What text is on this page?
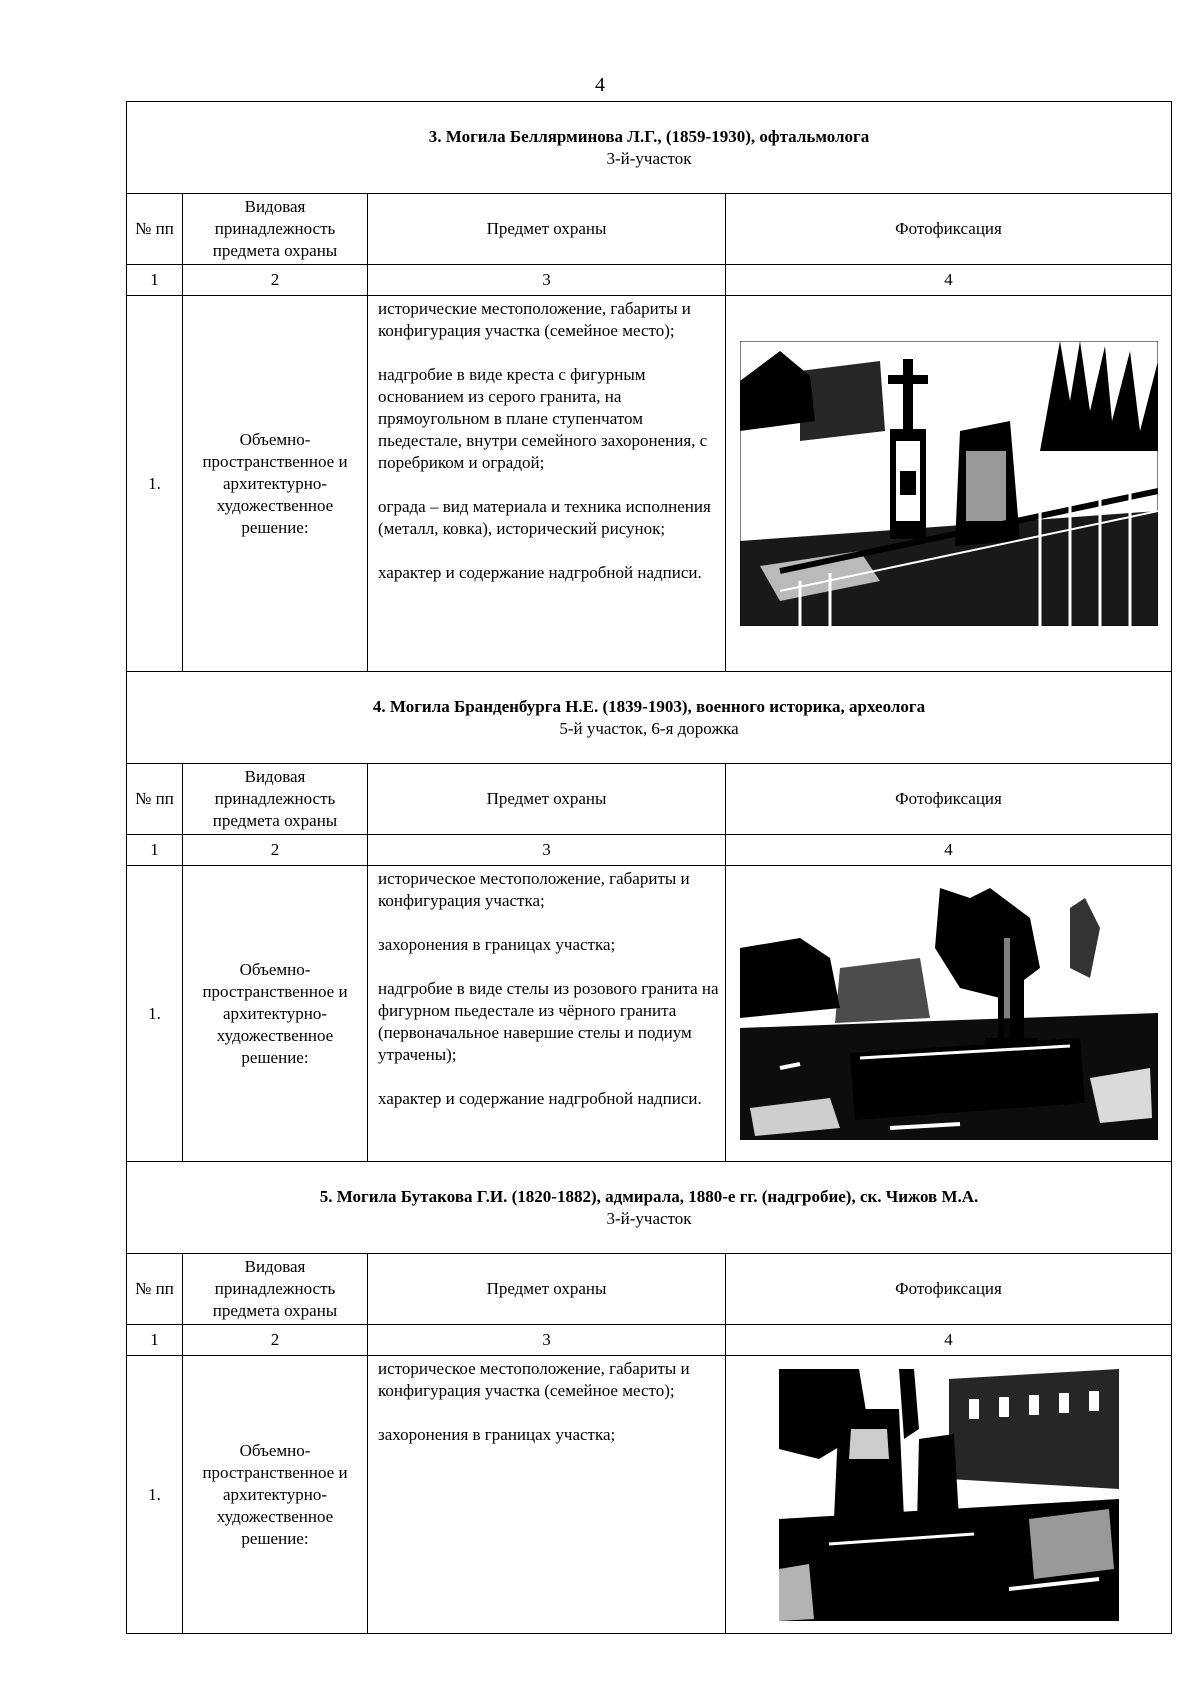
4
3. Могила Беллярминова Л.Г., (1859-1930), офтальмолога
3-й-участок			

№ пп	Видовая принадлежность предмета охраны	Предмет охраны	Фотофиксация
1	2	3	4
1.	Объемно-пространственное и архитектурно-художественное решение:	исторические местоположение, габариты и конфигурация участка (семейное место);

надгробие в виде креста с фигурным основанием из серого гранита, на прямоугольном в плане ступенчатом пьедестале, внутри семейного захоронения, с поребриком и оградой;

ограда – вид материала и техника исполнения (металл, ковка), исторический рисунок;

характер и содержание надгробной надписи.

4. Могила Бранденбурга Н.Е. (1839-1903), военного историка, археолога
5-й участок, 6-я дорожка			

№ пп	Видовая принадлежность предмета охраны	Предмет охраны	Фотофиксация
1	2	3	4
1.	Объемно-пространственное и архитектурно-художественное решение:	историческое местоположение, габариты и конфигурация участка;

захоронения в границах участка;

надгробие в виде стелы из розового гранита на фигурном пьедестале из чёрного гранита (первоначальное навершие стелы и подиум утрачены);

характер и содержание надгробной надписи.

5. Могила Бутакова Г.И. (1820-1882), адмирала, 1880-е гг. (надгробие), ск. Чижов М.А.
3-й-участок			

№ пп	Видовая принадлежность предмета охраны	Предмет охраны	Фотофиксация
1	2	3	4
1.	Объемно-пространственное и архитектурно-художественное решение:	историческое местоположение, габариты и конфигурация участка (семейное место);

захоронения в границах участка;
